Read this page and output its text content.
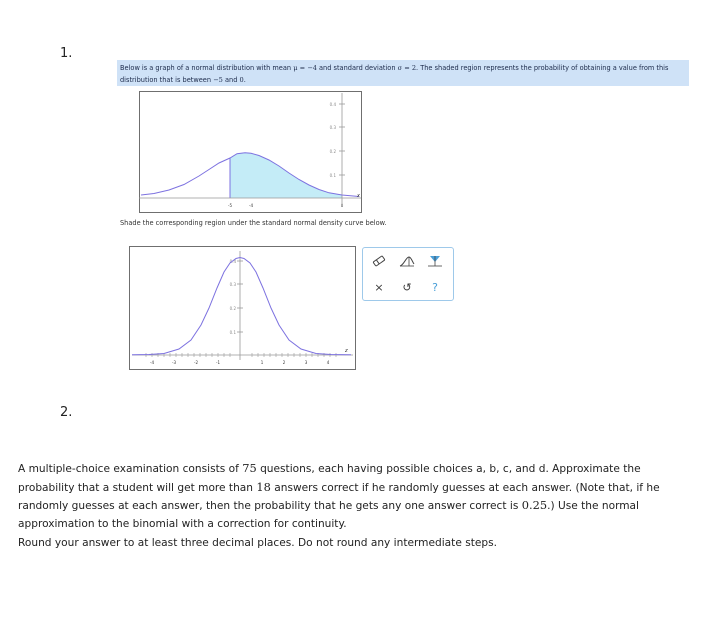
1.
Below is a graph of a normal distribution with mean μ = −4 and standard deviation σ = 2. The shaded region represents the probability of obtaining a value from this distribution that is between −5 and 0.
0.4
0.3
0.2
0.1
x
-5	-4	0
Shade the corresponding region under the standard normal density curve below.
0.4
0.3
0.2
0.1
z
-4	-3	-2	-1	1	2	3	4
× ↺ ?
2.
A multiple-choice examination consists of 75 questions, each having possible choices a, b, c, and d. Approximate the probability that a student will get more than 18 answers correct if he randomly guesses at each answer. (Note that, if he randomly guesses at each answer, then the probability that he gets any one answer correct is 0.25.) Use the normal approximation to the binomial with a correction for continuity.
Round your answer to at least three decimal places. Do not round any intermediate steps.
